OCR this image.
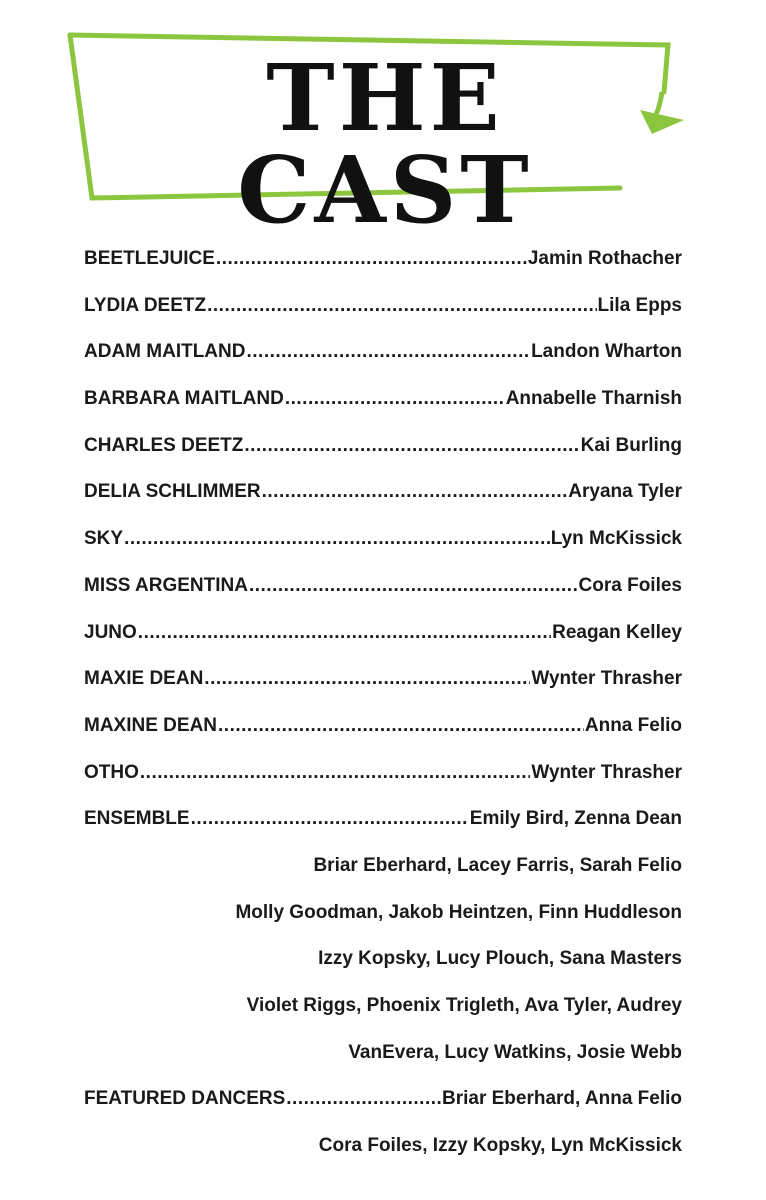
THE CAST
BEETLEJUICE .....	Jamin Rothacher
LYDIA DEETZ .....	Lila Epps
ADAM MAITLAND .....	Landon Wharton
BARBARA MAITLAND .....	Annabelle Tharnish
CHARLES DEETZ .....	Kai Burling
DELIA SCHLIMMER .....	Aryana Tyler
SKY .....	Lyn McKissick
MISS ARGENTINA .....	Cora Foiles
JUNO .....	Reagan Kelley
MAXIE DEAN .....	Wynter Thrasher
MAXINE DEAN .....	Anna Felio
OTHO .....	Wynter Thrasher
ENSEMBLE .....	Emily Bird, Zenna Dean
Briar Eberhard, Lacey Farris, Sarah Felio
Molly Goodman, Jakob Heintzen, Finn Huddleson
Izzy Kopsky, Lucy Plouch, Sana Masters
Violet Riggs, Phoenix Trigleth, Ava Tyler, Audrey
VanEvera, Lucy Watkins, Josie Webb
FEATURED DANCERS .....	Briar Eberhard, Anna Felio
Cora Foiles, Izzy Kopsky, Lyn McKissick
